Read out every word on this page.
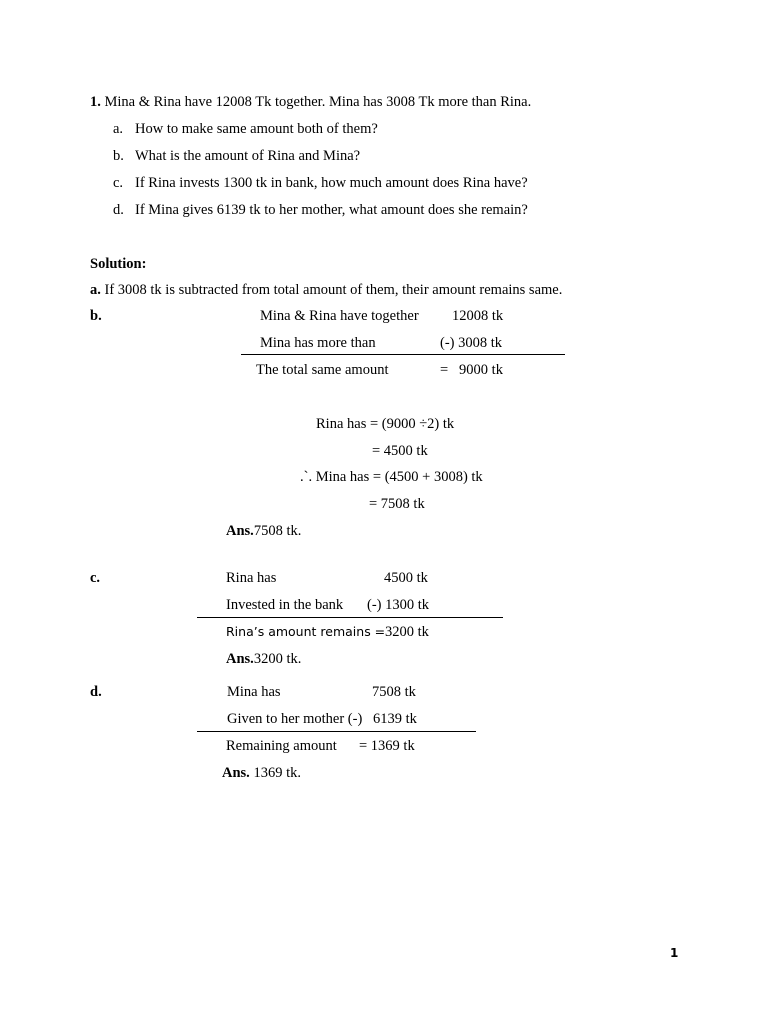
1. Mina & Rina have 12008 Tk together. Mina has 3008 Tk more than Rina.
a. How to make same amount both of them?
b. What is the amount of Rina and Mina?
c. If Rina invests 1300 tk in bank, how much amount does Rina have?
d. If Mina gives 6139 tk to her mother, what amount does she remain?
Solution:
a. If 3008 tk is subtracted from total amount of them, their amount remains same.
b.	Mina & Rina have together 12008 tk
Mina has more than	(-) 3008 tk
The total same amount	=   9000 tk
Rina has = (9000 ÷2) tk
= 4500 tk
.`. Mina has = (4500 + 3008) tk
= 7508 tk
Ans.7508 tk.
c.	Rina has	4500 tk
Invested in the bank (-) 1300 tk
Rina’s amount remains = 3200 tk
Ans.3200 tk.
d.	Mina has	7508 tk
Given to her mother (-) 6139 tk
Remaining amount = 1369 tk
Ans. 1369 tk.
1
